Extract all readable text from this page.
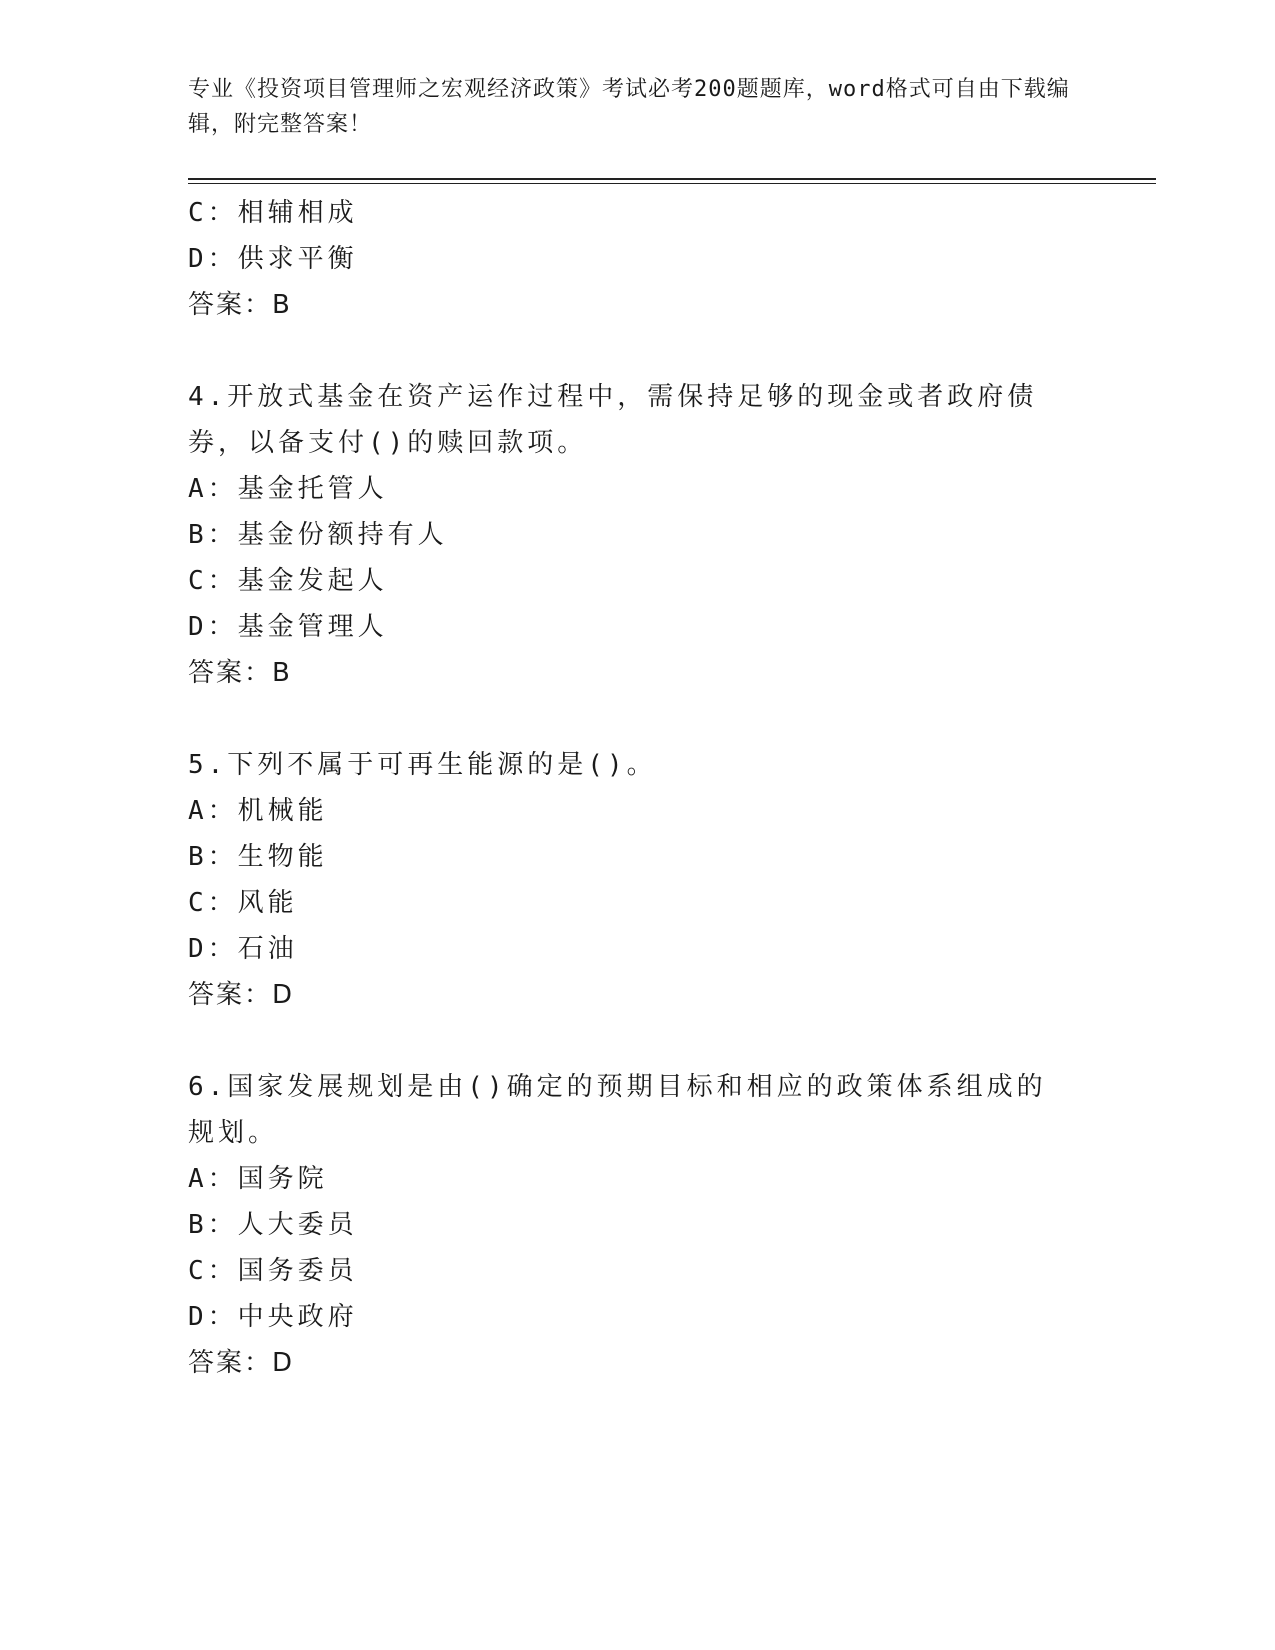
专业《投资项目管理师之宏观经济政策》考试必考200题题库，word格式可自由下载编辑，附完整答案！
C：相辅相成
D：供求平衡
答案：B
4.开放式基金在资产运作过程中，需保持足够的现金或者政府债券，以备支付()的赎回款项。
A：基金托管人
B：基金份额持有人
C：基金发起人
D：基金管理人
答案：B
5.下列不属于可再生能源的是()。
A：机械能
B：生物能
C：风能
D：石油
答案：D
6.国家发展规划是由()确定的预期目标和相应的政策体系组成的规划。
A：国务院
B：人大委员
C：国务委员
D：中央政府
答案：D
